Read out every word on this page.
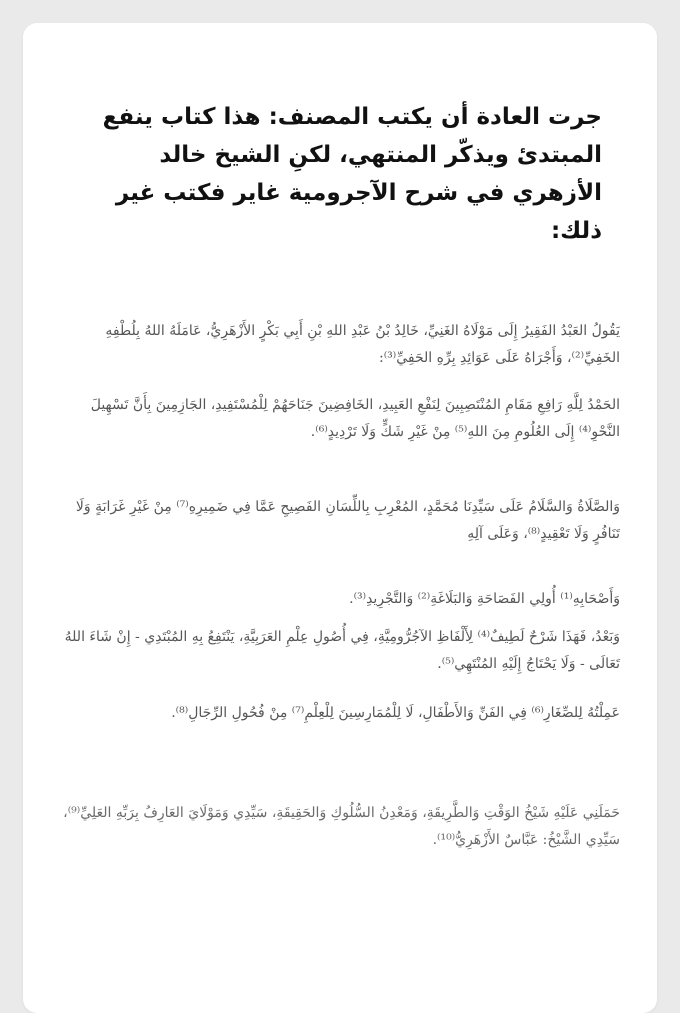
جرت العادة أن يكتب المصنف: هذا كتاب ينفع المبتدئ ويذكّر المنتهي، لكنِ الشيخ خالد الأزهري في شرح الآجرومية غاير فكتب غير ذلك:

يَقُولُ العَبْدُ الفَقِيرُ إِلَى مَوْلَاهُ الغَنِيِّ، خَالِدُ بْنُ عَبْدِ اللهِ بْنِ أَبِي بَكْرٍ الأَزْهَرِيُّ، عَامَلَهُ اللهُ بِلُطْفِهِ الخَفِيِّ⁽²⁾، وَأَجْرَاهُ عَلَى عَوَائِدِ بِرِّهِ الحَفِيِّ⁽³⁾:

الحَمْدُ لِلَّهِ رَافِعِ مَقَامِ المُنْتَصِبِينَ لِنَفْعِ العَبِيدِ، الخَافِضِينَ جَنَاحَهُمْ لِلْمُسْتَفِيدِ، الجَازِمِينَ بِأَنَّ تَسْهِيلَ النَّحْوِ⁽⁴⁾ إِلَى العُلُومِ مِنَ اللهِ⁽⁵⁾ مِنْ غَيْرِ شَكٍّ وَلَا تَرْدِيدٍ⁽⁶⁾.

وَالصَّلَاةُ وَالسَّلَامُ عَلَى سَيِّدِنَا مُحَمَّدٍ، المُعْرِبِ بِاللِّسَانِ الفَصِيحِ عَمَّا فِي ضَمِيرِهِ⁽⁷⁾ مِنْ غَيْرِ غَرَابَةٍ وَلَا تَنَافُرٍ وَلَا تَعْقِيدٍ⁽⁸⁾، وَعَلَى آلِهِ

وَأَصْحَابِهِ⁽¹⁾ أُولِي الفَصَاحَةِ وَالبَلَاغَةِ⁽²⁾ وَالتَّجْرِيدِ⁽³⁾.

وَبَعْدُ، فَهَذَا شَرْحٌ لَطِيفٌ⁽⁴⁾ لِأَلْفَاظِ الآجُرُّومِيَّةِ، فِي أُصُولِ عِلْمِ العَرَبِيَّةِ، يَنْتَفِعُ بِهِ المُبْتَدِي - إِنْ شَاءَ اللهُ تَعَالَى - وَلَا يَحْتَاجُ إِلَيْهِ المُنْتَهِي⁽⁵⁾.

عَمِلْتُهُ لِلصِّغَارِ⁽⁶⁾ فِي الفَنِّ وَالأَطْفَالِ، لَا لِلْمُمَارِسِينَ لِلْعِلْمِ⁽⁷⁾ مِنْ فُحُولِ الرِّجَالِ⁽⁸⁾.

حَمَلَنِي عَلَيْهِ شَيْخُ الوَقْتِ وَالطَّرِيقَةِ، وَمَعْدِنُ السُّلُوكِ وَالحَقِيقَةِ، سَيِّدِي وَمَوْلَايَ العَارِفُ بِرَبِّهِ العَلِيِّ⁽⁹⁾، سَيِّدِي الشَّيْخُ: عَبَّاسٌ الأَزْهَرِيُّ⁽¹⁰⁾.
